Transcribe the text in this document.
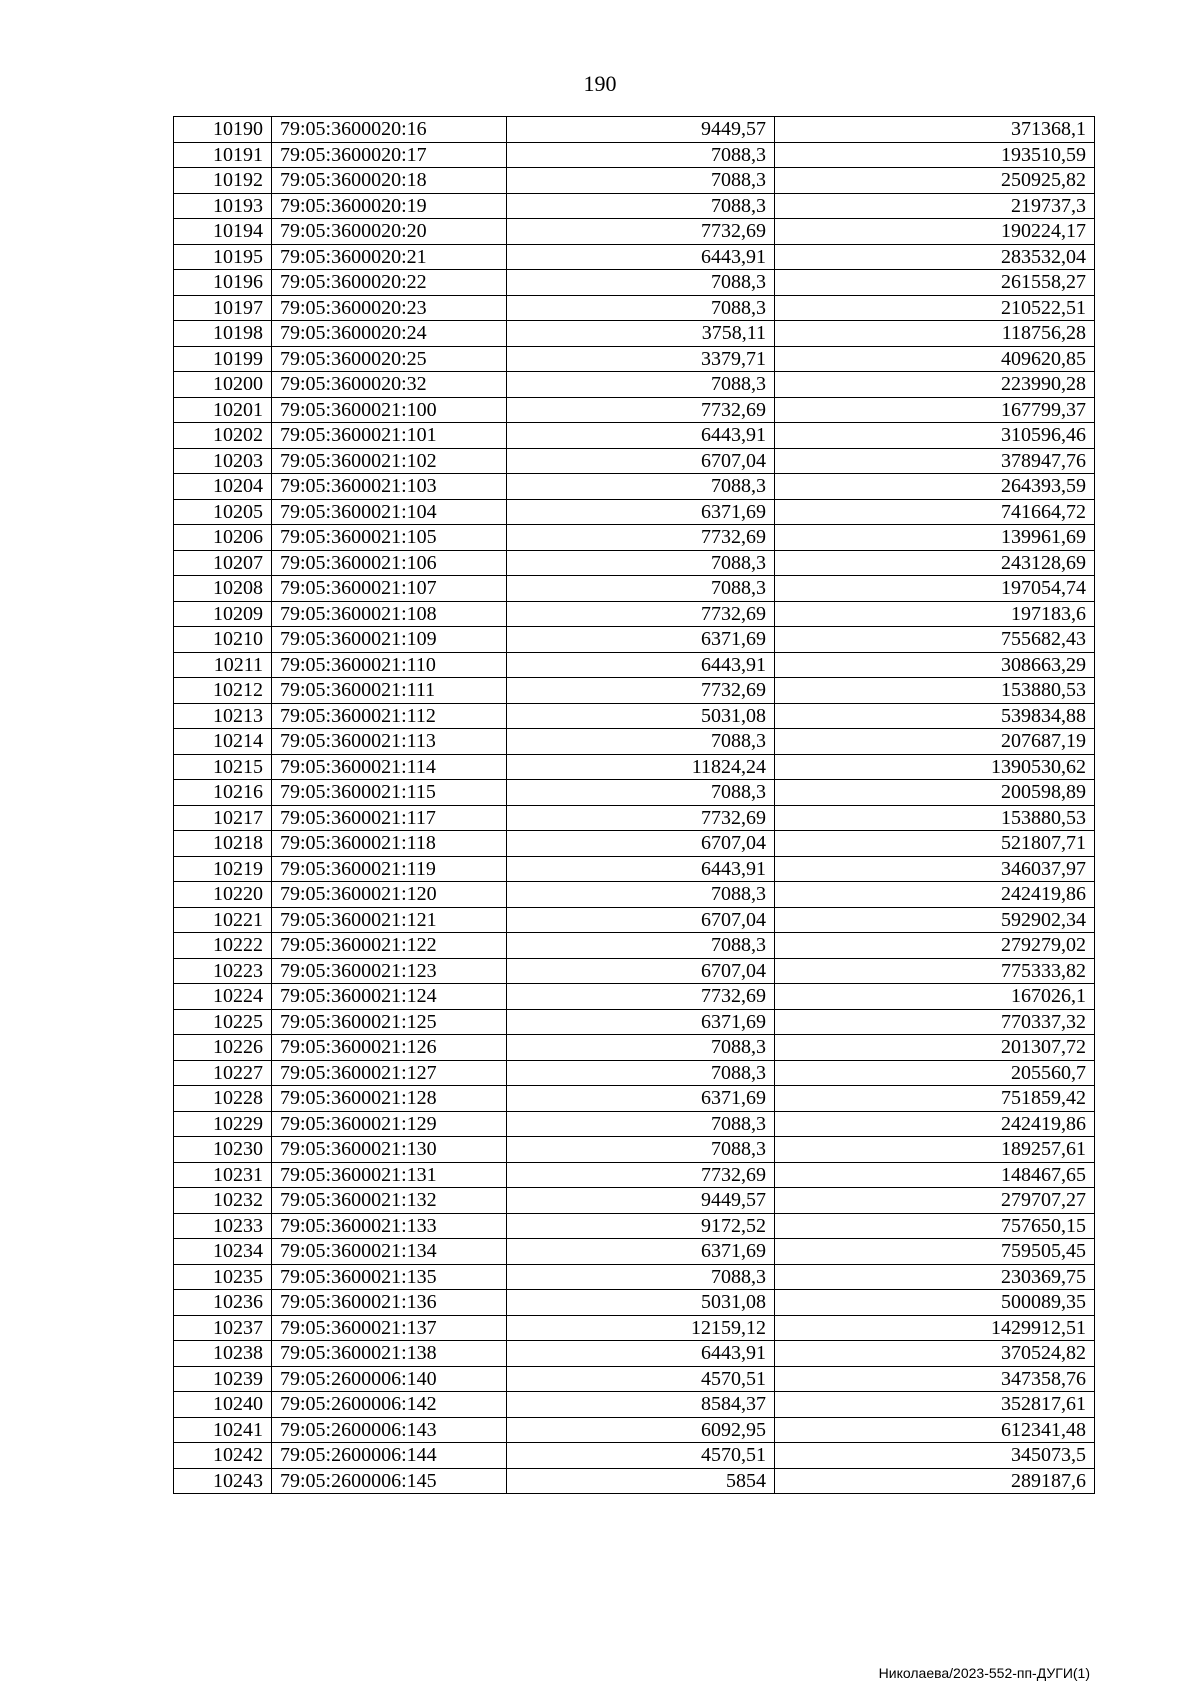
190
10190	79:05:3600020:16	9449,57	371368,1
10191	79:05:3600020:17	7088,3	193510,59
10192	79:05:3600020:18	7088,3	250925,82
10193	79:05:3600020:19	7088,3	219737,3
10194	79:05:3600020:20	7732,69	190224,17
10195	79:05:3600020:21	6443,91	283532,04
10196	79:05:3600020:22	7088,3	261558,27
10197	79:05:3600020:23	7088,3	210522,51
10198	79:05:3600020:24	3758,11	118756,28
10199	79:05:3600020:25	3379,71	409620,85
10200	79:05:3600020:32	7088,3	223990,28
10201	79:05:3600021:100	7732,69	167799,37
10202	79:05:3600021:101	6443,91	310596,46
10203	79:05:3600021:102	6707,04	378947,76
10204	79:05:3600021:103	7088,3	264393,59
10205	79:05:3600021:104	6371,69	741664,72
10206	79:05:3600021:105	7732,69	139961,69
10207	79:05:3600021:106	7088,3	243128,69
10208	79:05:3600021:107	7088,3	197054,74
10209	79:05:3600021:108	7732,69	197183,6
10210	79:05:3600021:109	6371,69	755682,43
10211	79:05:3600021:110	6443,91	308663,29
10212	79:05:3600021:111	7732,69	153880,53
10213	79:05:3600021:112	5031,08	539834,88
10214	79:05:3600021:113	7088,3	207687,19
10215	79:05:3600021:114	11824,24	1390530,62
10216	79:05:3600021:115	7088,3	200598,89
10217	79:05:3600021:117	7732,69	153880,53
10218	79:05:3600021:118	6707,04	521807,71
10219	79:05:3600021:119	6443,91	346037,97
10220	79:05:3600021:120	7088,3	242419,86
10221	79:05:3600021:121	6707,04	592902,34
10222	79:05:3600021:122	7088,3	279279,02
10223	79:05:3600021:123	6707,04	775333,82
10224	79:05:3600021:124	7732,69	167026,1
10225	79:05:3600021:125	6371,69	770337,32
10226	79:05:3600021:126	7088,3	201307,72
10227	79:05:3600021:127	7088,3	205560,7
10228	79:05:3600021:128	6371,69	751859,42
10229	79:05:3600021:129	7088,3	242419,86
10230	79:05:3600021:130	7088,3	189257,61
10231	79:05:3600021:131	7732,69	148467,65
10232	79:05:3600021:132	9449,57	279707,27
10233	79:05:3600021:133	9172,52	757650,15
10234	79:05:3600021:134	6371,69	759505,45
10235	79:05:3600021:135	7088,3	230369,75
10236	79:05:3600021:136	5031,08	500089,35
10237	79:05:3600021:137	12159,12	1429912,51
10238	79:05:3600021:138	6443,91	370524,82
10239	79:05:2600006:140	4570,51	347358,76
10240	79:05:2600006:142	8584,37	352817,61
10241	79:05:2600006:143	6092,95	612341,48
10242	79:05:2600006:144	4570,51	345073,5
10243	79:05:2600006:145	5854	289187,6
Николаева/2023-552-пп-ДУГИ(1)
